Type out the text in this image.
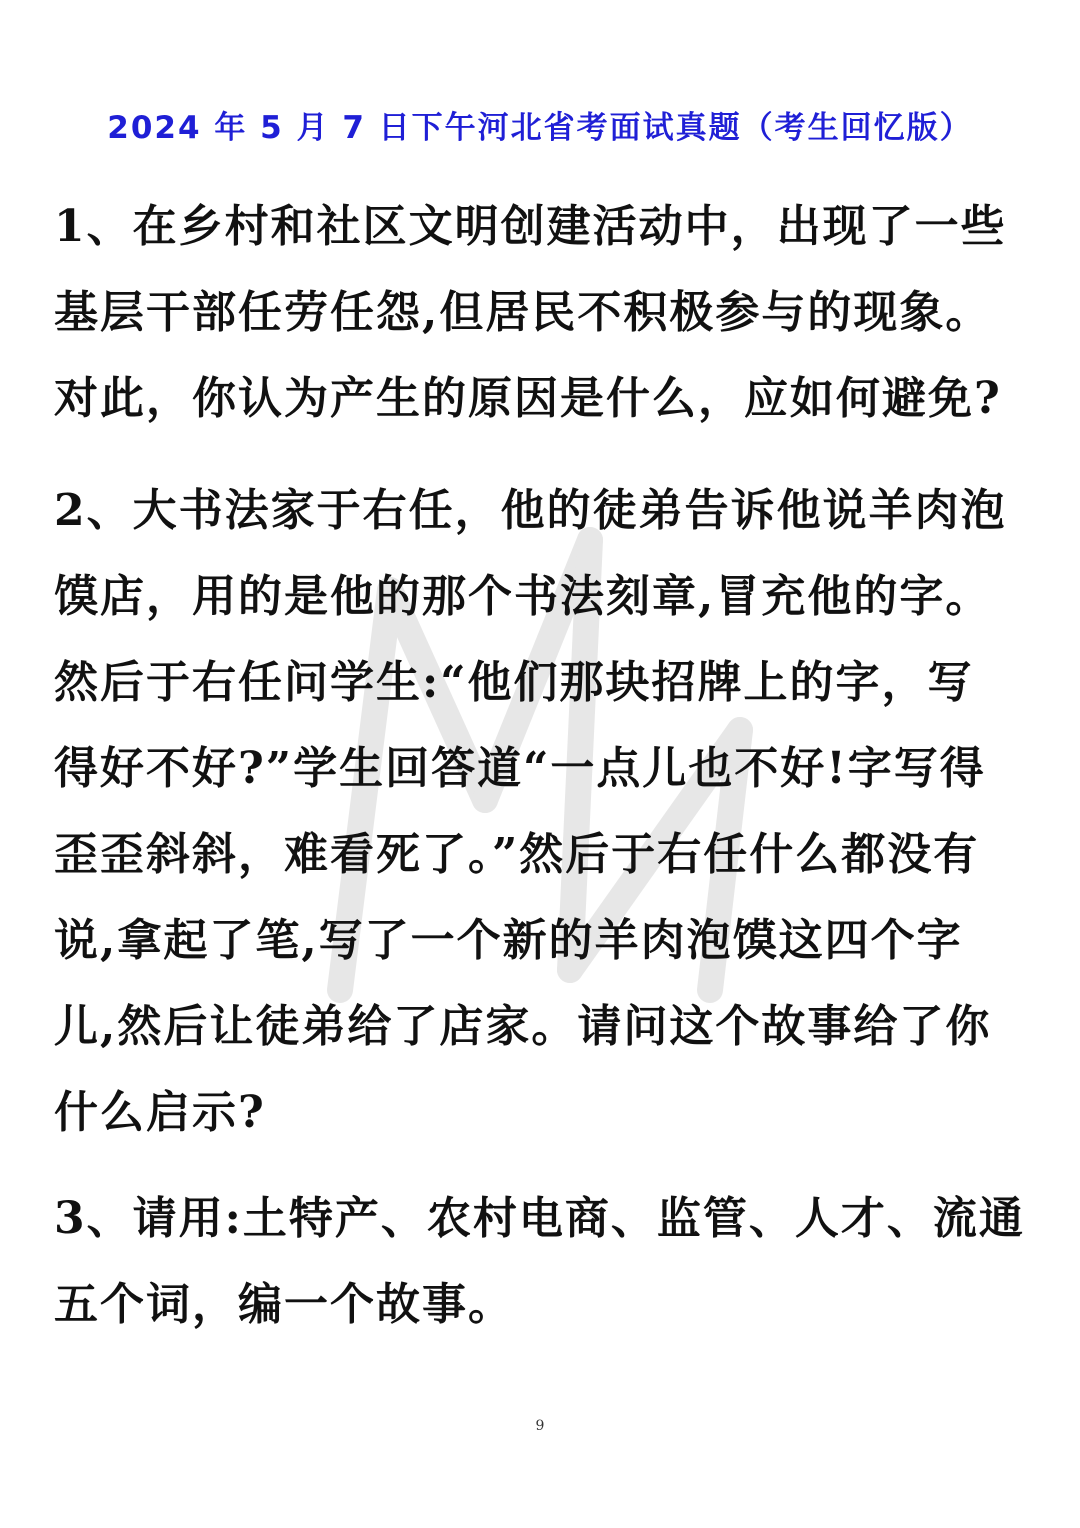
2024 年 5 月 7 日下午河北省考面试真题（考生回忆版）
1、在乡村和社区文明创建活动中，出现了一些
基层干部任劳任怨,但居民不积极参与的现象。
对此，你认为产生的原因是什么，应如何避免?
2、大书法家于右任，他的徒弟告诉他说羊肉泡
馍店，用的是他的那个书法刻章,冒充他的字。
然后于右任问学生:“他们那块招牌上的字，写
得好不好?”学生回答道“一点儿也不好!字写得
歪歪斜斜，难看死了。”然后于右任什么都没有
说,拿起了笔,写了一个新的羊肉泡馍这四个字
儿,然后让徒弟给了店家。请问这个故事给了你
什么启示?
3、请用:土特产、农村电商、监管、人才、流通
五个词，编一个故事。
9
